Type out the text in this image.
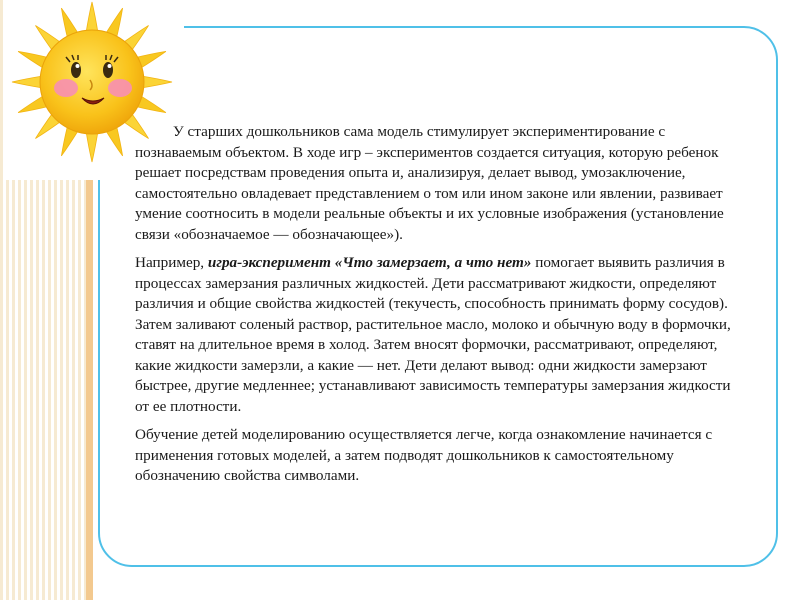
У старших дошкольников сама модель стимулирует экспериментирование с познаваемым объектом. В ходе игр – экспериментов создается ситуация, которую ребенок решает посредствам проведения опыта и, анализируя, делает вывод, умозаключение, самостоятельно овладевает представлением о том или ином законе или явлении, развивает умение соотносить в модели реальные объекты и их условные изображения (установление связи «обозначаемое — обозначающее»).

Например, игра-эксперимент «Что замерзает, а что нет» помогает выявить различия в процессах замерзания различных жидкостей. Дети рассматривают жидкости, определяют различия и общие свойства жидкостей (текучесть, способность принимать форму сосудов). Затем заливают соленый раствор, растительное масло, молоко и обычную воду в формочки, ставят на длительное время в холод. Затем вносят формочки, рассматривают, определяют, какие жидкости замерзли, а какие — нет. Дети делают вывод: одни жидкости замерзают быстрее, другие медленнее; устанавливают зависимость температуры замерзания жидкости от ее плотности.

Обучение детей моделированию осуществляется легче, когда ознакомление начинается с применения готовых моделей, а затем подводят дошкольников к самостоятельному обозначению свойства символами.
